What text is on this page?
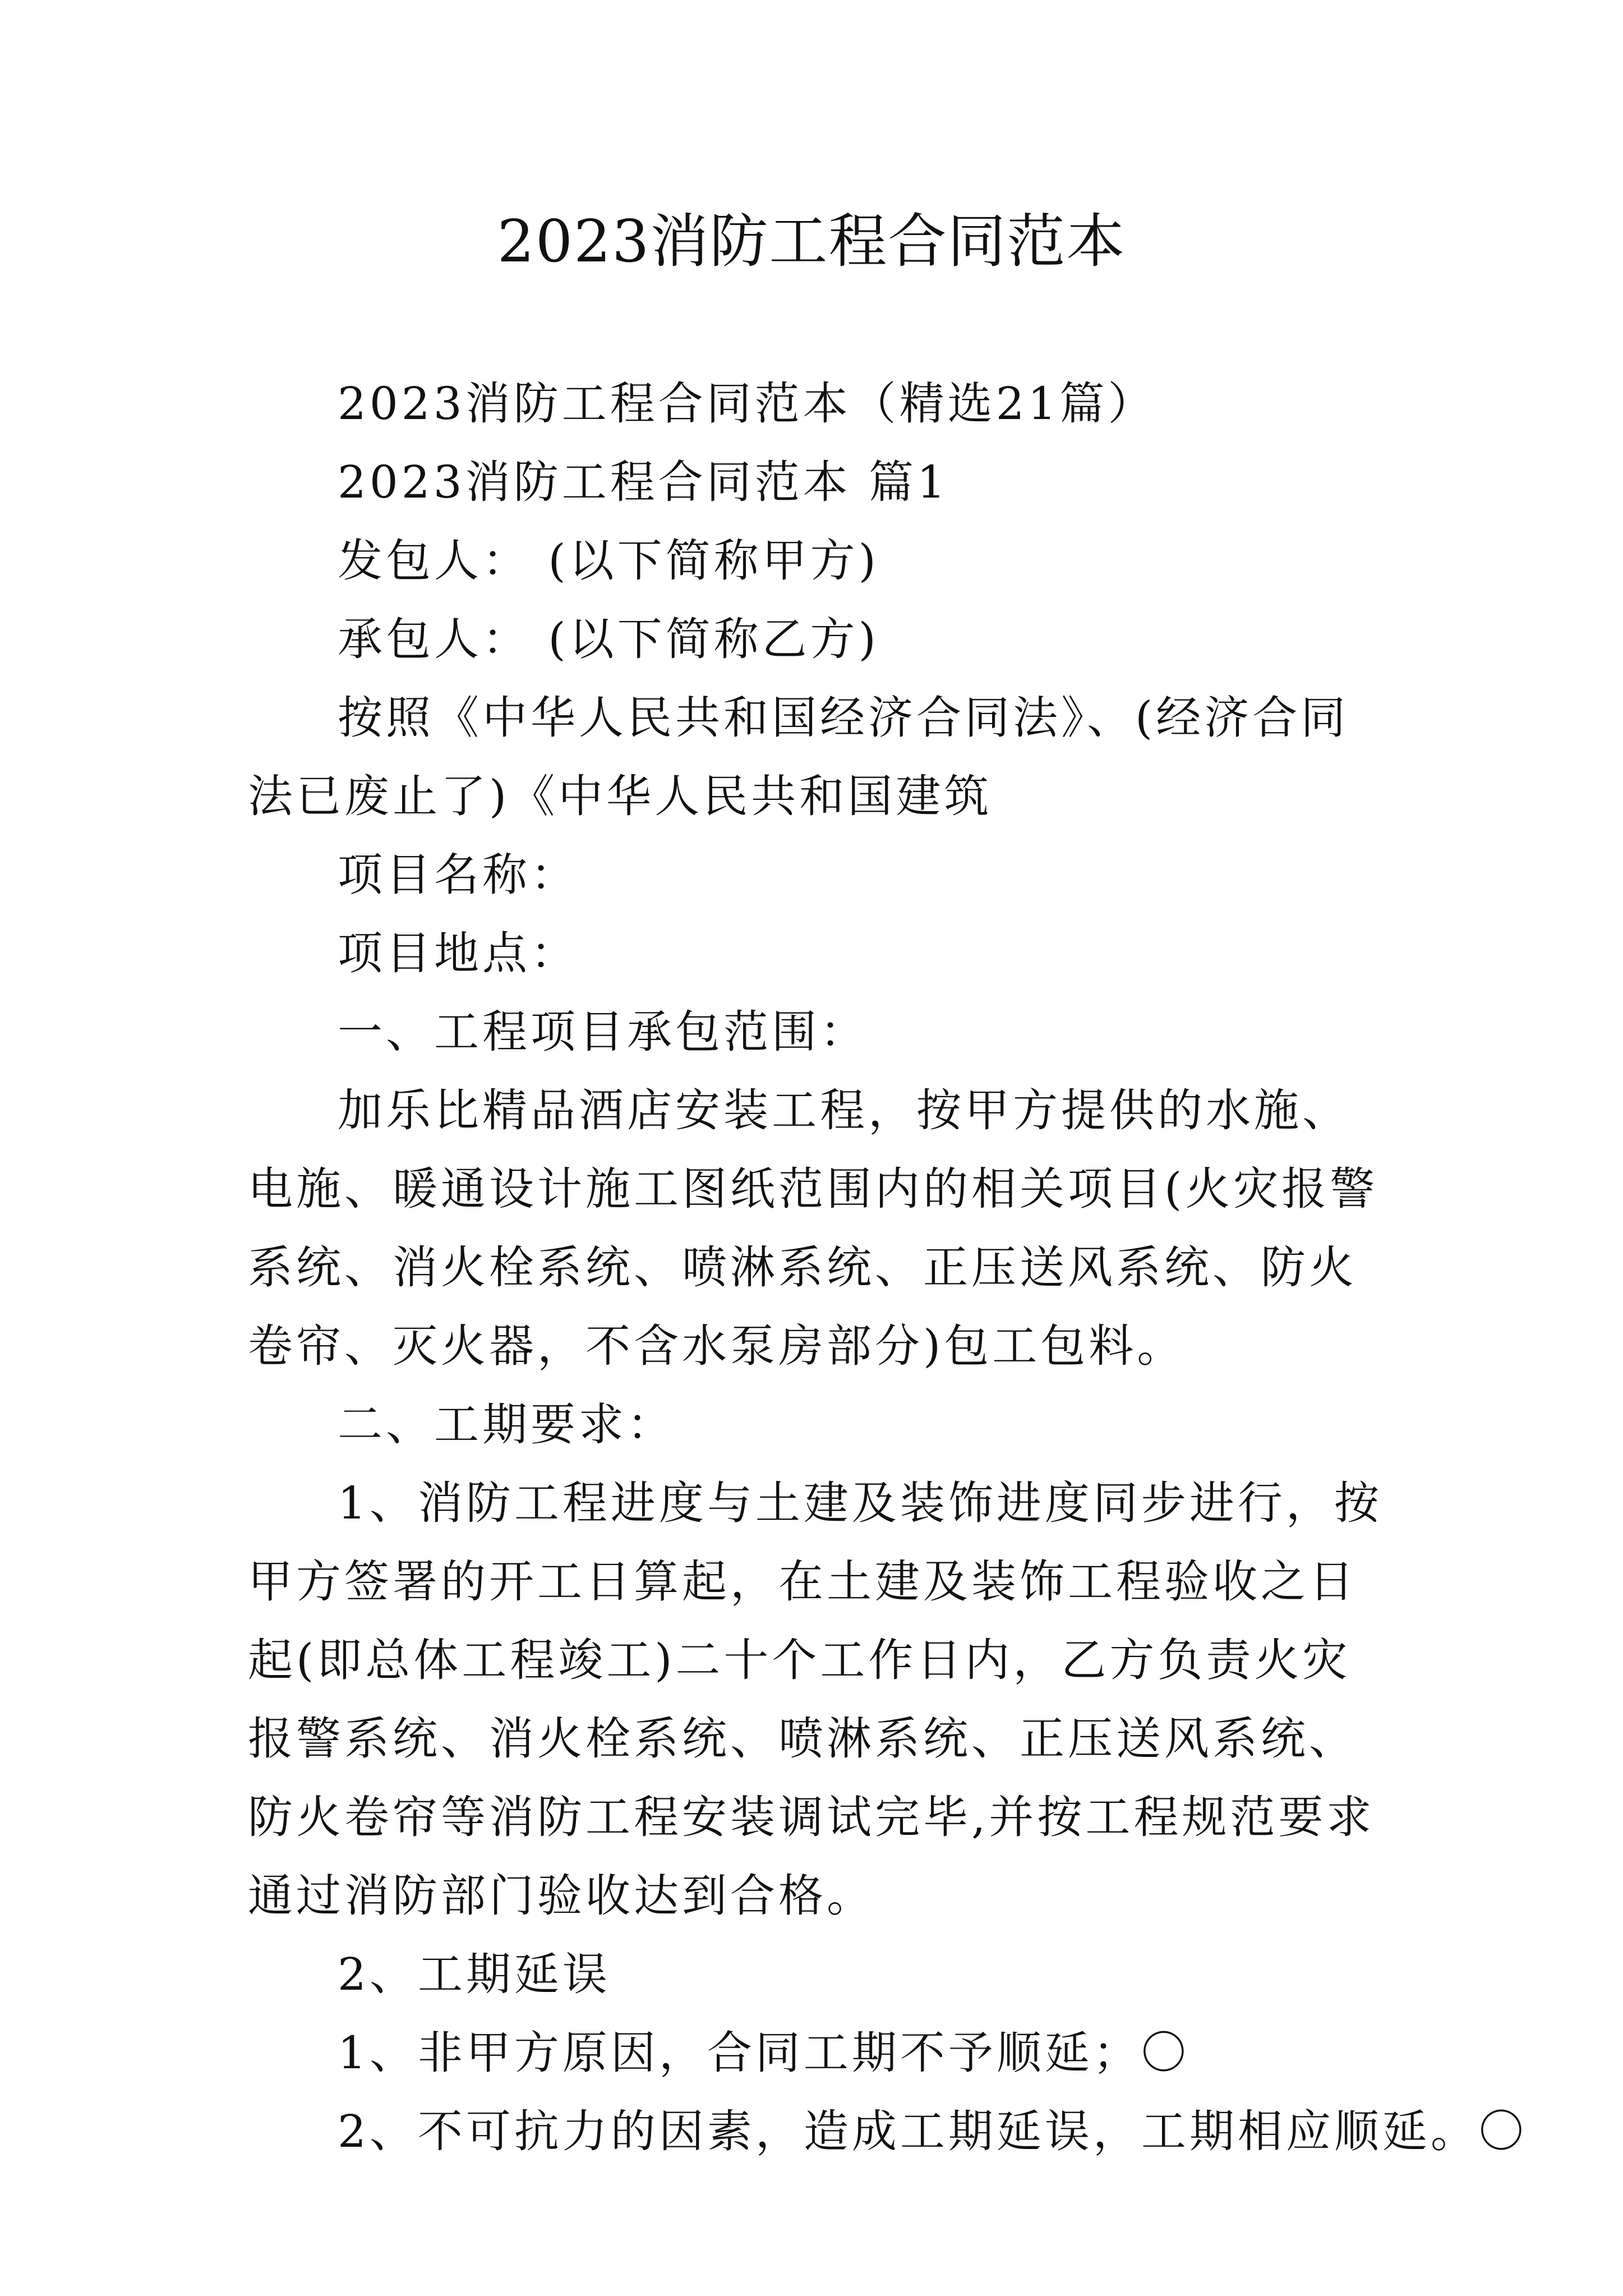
2023消防工程合同范本

2023消防工程合同范本（精选21篇）

2023消防工程合同范本 篇1

发包人： (以下简称甲方)

承包人： (以下简称乙方)

按照《中华人民共和国经济合同法》、(经济合同法已废止了)《中华人民共和国建筑

项目名称：

项目地点：

一、工程项目承包范围：

加乐比精品酒店安装工程，按甲方提供的水施、电施、暖通设计施工图纸范围内的相关项目(火灾报警系统、消火栓系统、喷淋系统、正压送风系统、防火卷帘、灭火器，不含水泵房部分)包工包料。

二、工期要求：

1、消防工程进度与土建及装饰进度同步进行，按甲方签署的开工日算起，在土建及装饰工程验收之日起(即总体工程竣工)二十个工作日内，乙方负责火灾报警系统、消火栓系统、喷淋系统、正压送风系统、防火卷帘等消防工程安装调试完毕,并按工程规范要求通过消防部门验收达到合格。

2、工期延误

1、非甲方原因，合同工期不予顺延；〇

2、不可抗力的因素，造成工期延误，工期相应顺延。〇
